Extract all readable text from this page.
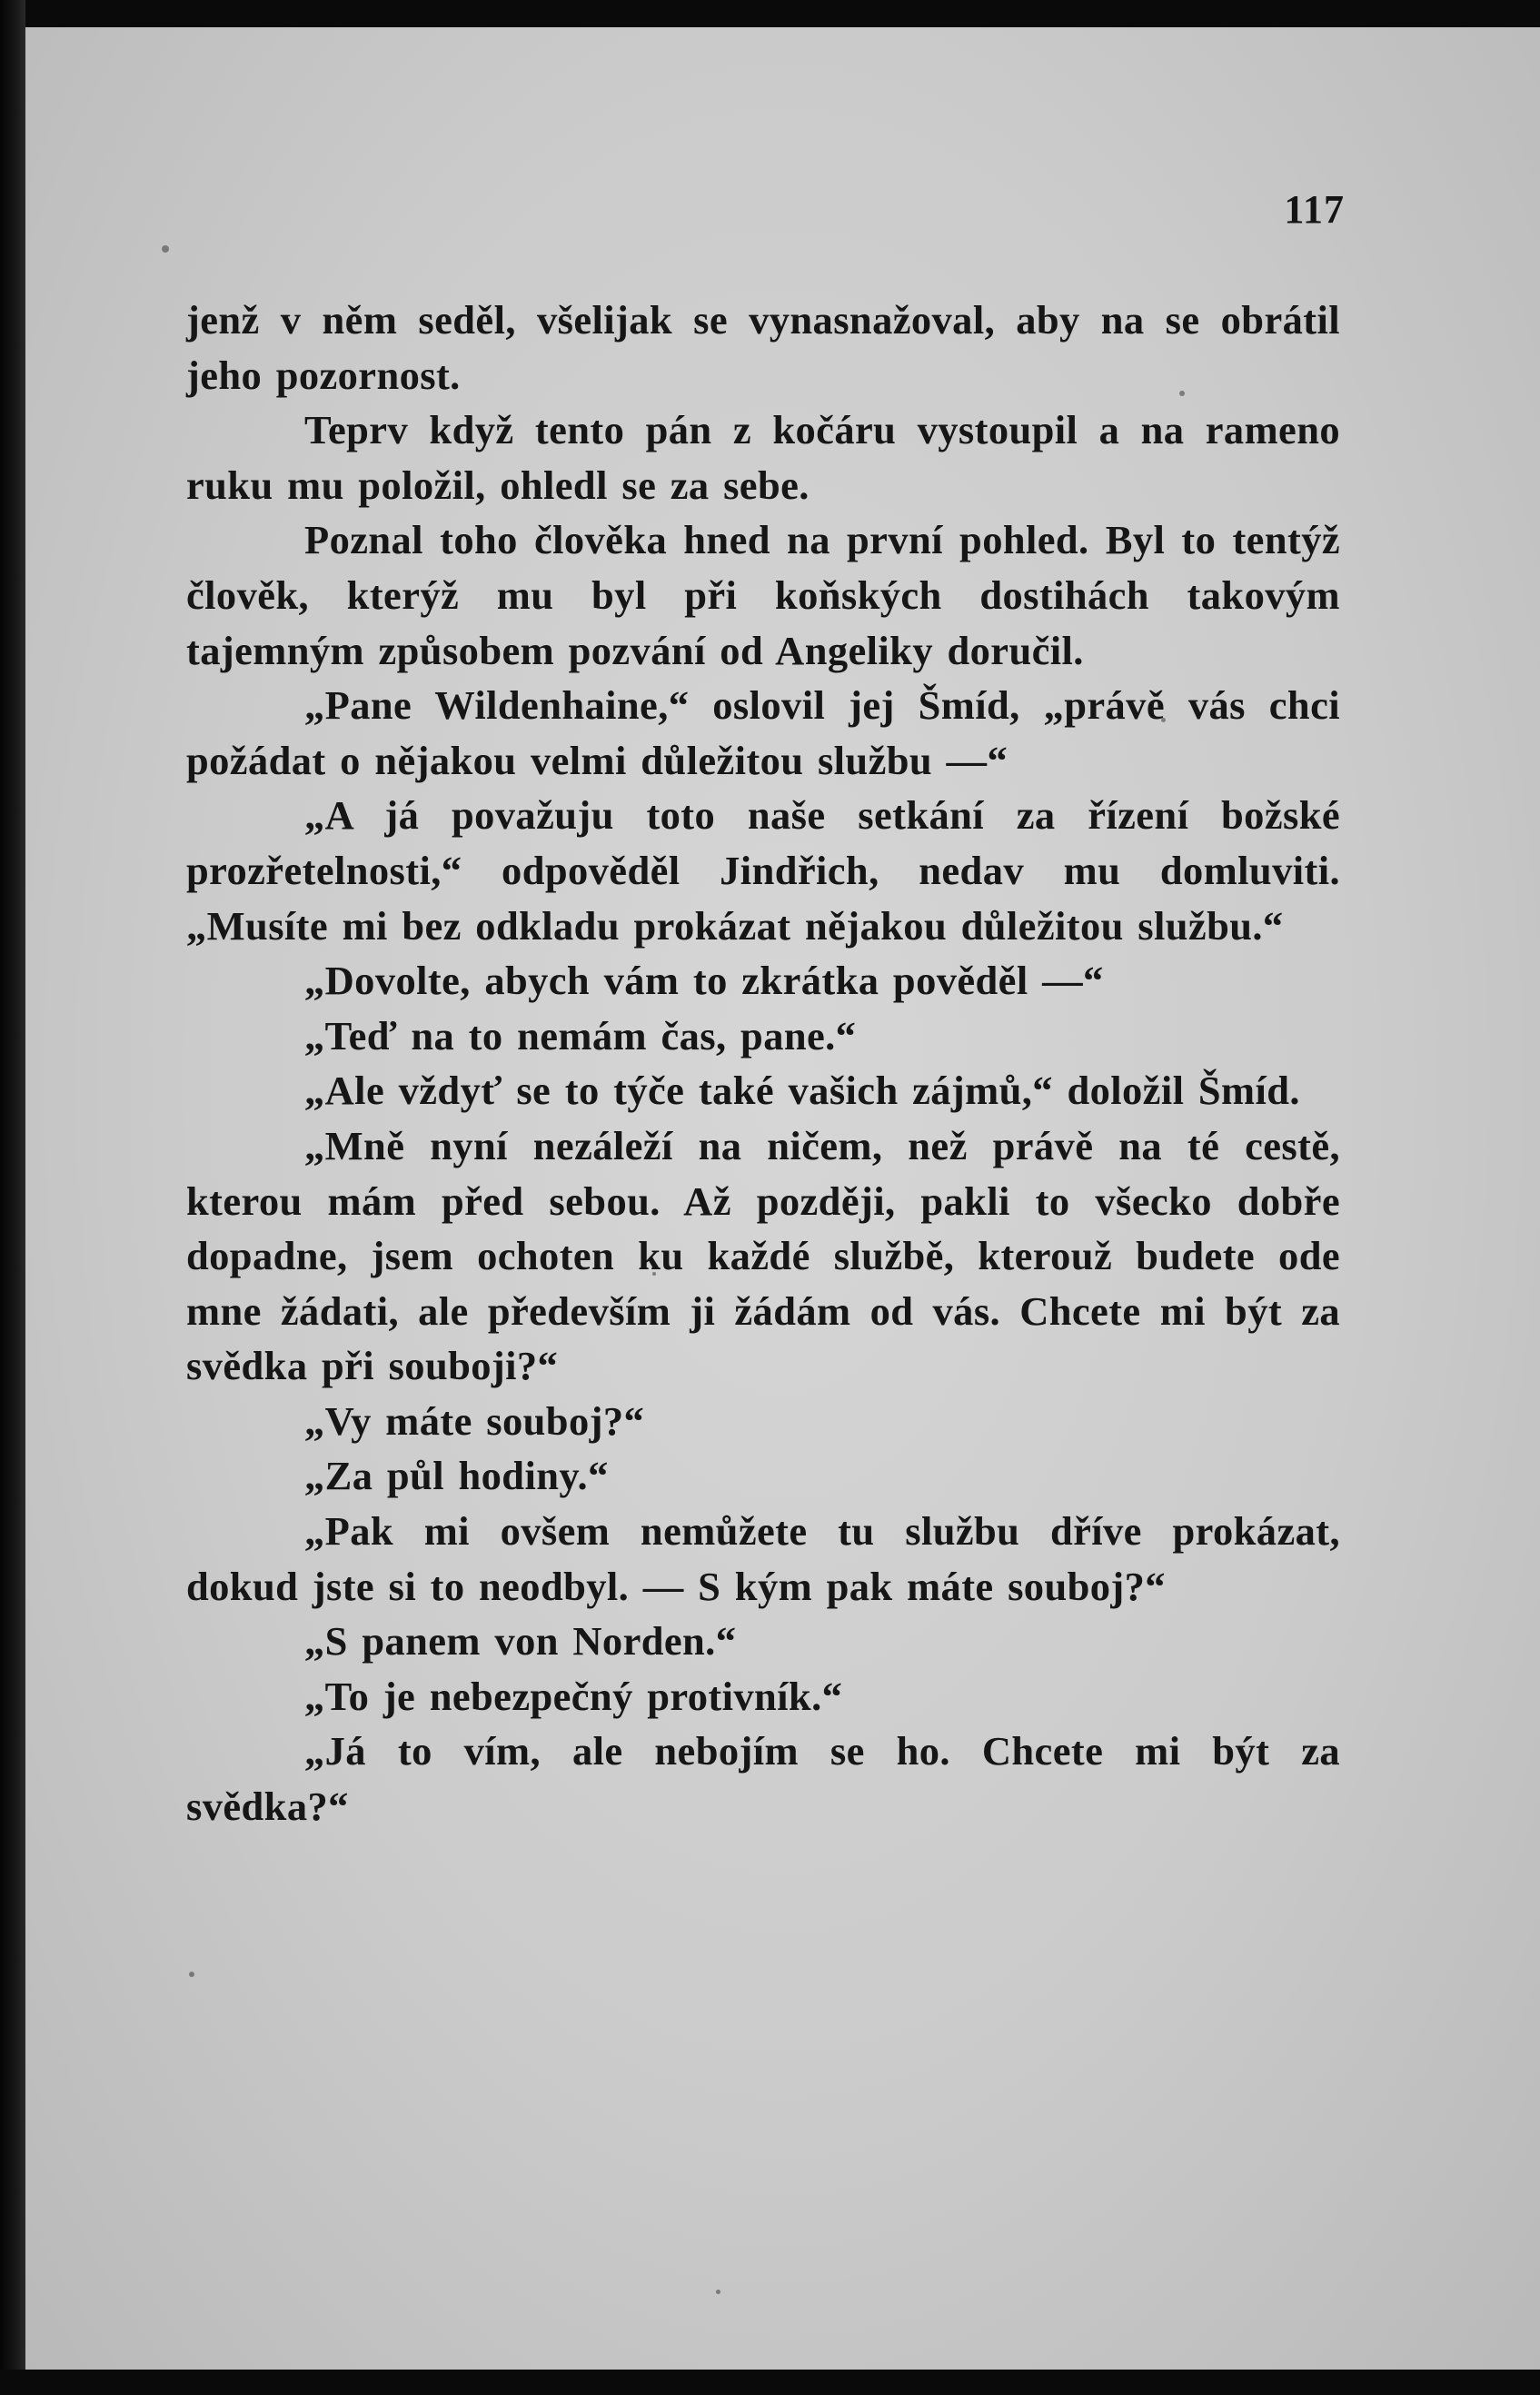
117

jenž v něm seděl, všelijak se vynasnažoval, aby na se obrátil jeho pozornost.

Teprv když tento pán z kočáru vystoupil a na rameno ruku mu položil, ohledl se za sebe.

Poznal toho člověka hned na první pohled. Byl to tentýž člověk, kterýž mu byl při koňských dostihách takovým tajemným způsobem pozvání od Angeliky doručil.

„Pane Wildenhaine,“ oslovil jej Šmíd, „právě vás chci požádat o nějakou velmi důležitou službu —“

„A já považuju toto naše setkání za řízení božské prozřetelnosti,“ odpověděl Jindřich, nedav mu domluviti. „Musíte mi bez odkladu prokázat nějakou důležitou službu.“

„Dovolte, abych vám to zkrátka pověděl —“

„Teď na to nemám čas, pane.“

„Ale vždyť se to týče také vašich zájmů,“ doložil Šmíd.

„Mně nyní nezáleží na ničem, než právě na té cestě, kterou mám před sebou. Až později, pakli to všecko dobře dopadne, jsem ochoten ku každé službě, kterouž budete ode mne žádati, ale především ji žádám od vás. Chcete mi být za svědka při souboji?“

„Vy máte souboj?“

„Za půl hodiny.“

„Pak mi ovšem nemůžete tu službu dříve prokázat, dokud jste si to neodbyl. — S kým pak máte souboj?“

„S panem von Norden.“

„To je nebezpečný protivník.“

„Já to vím, ale nebojím se ho. Chcete mi být za svědka?“
